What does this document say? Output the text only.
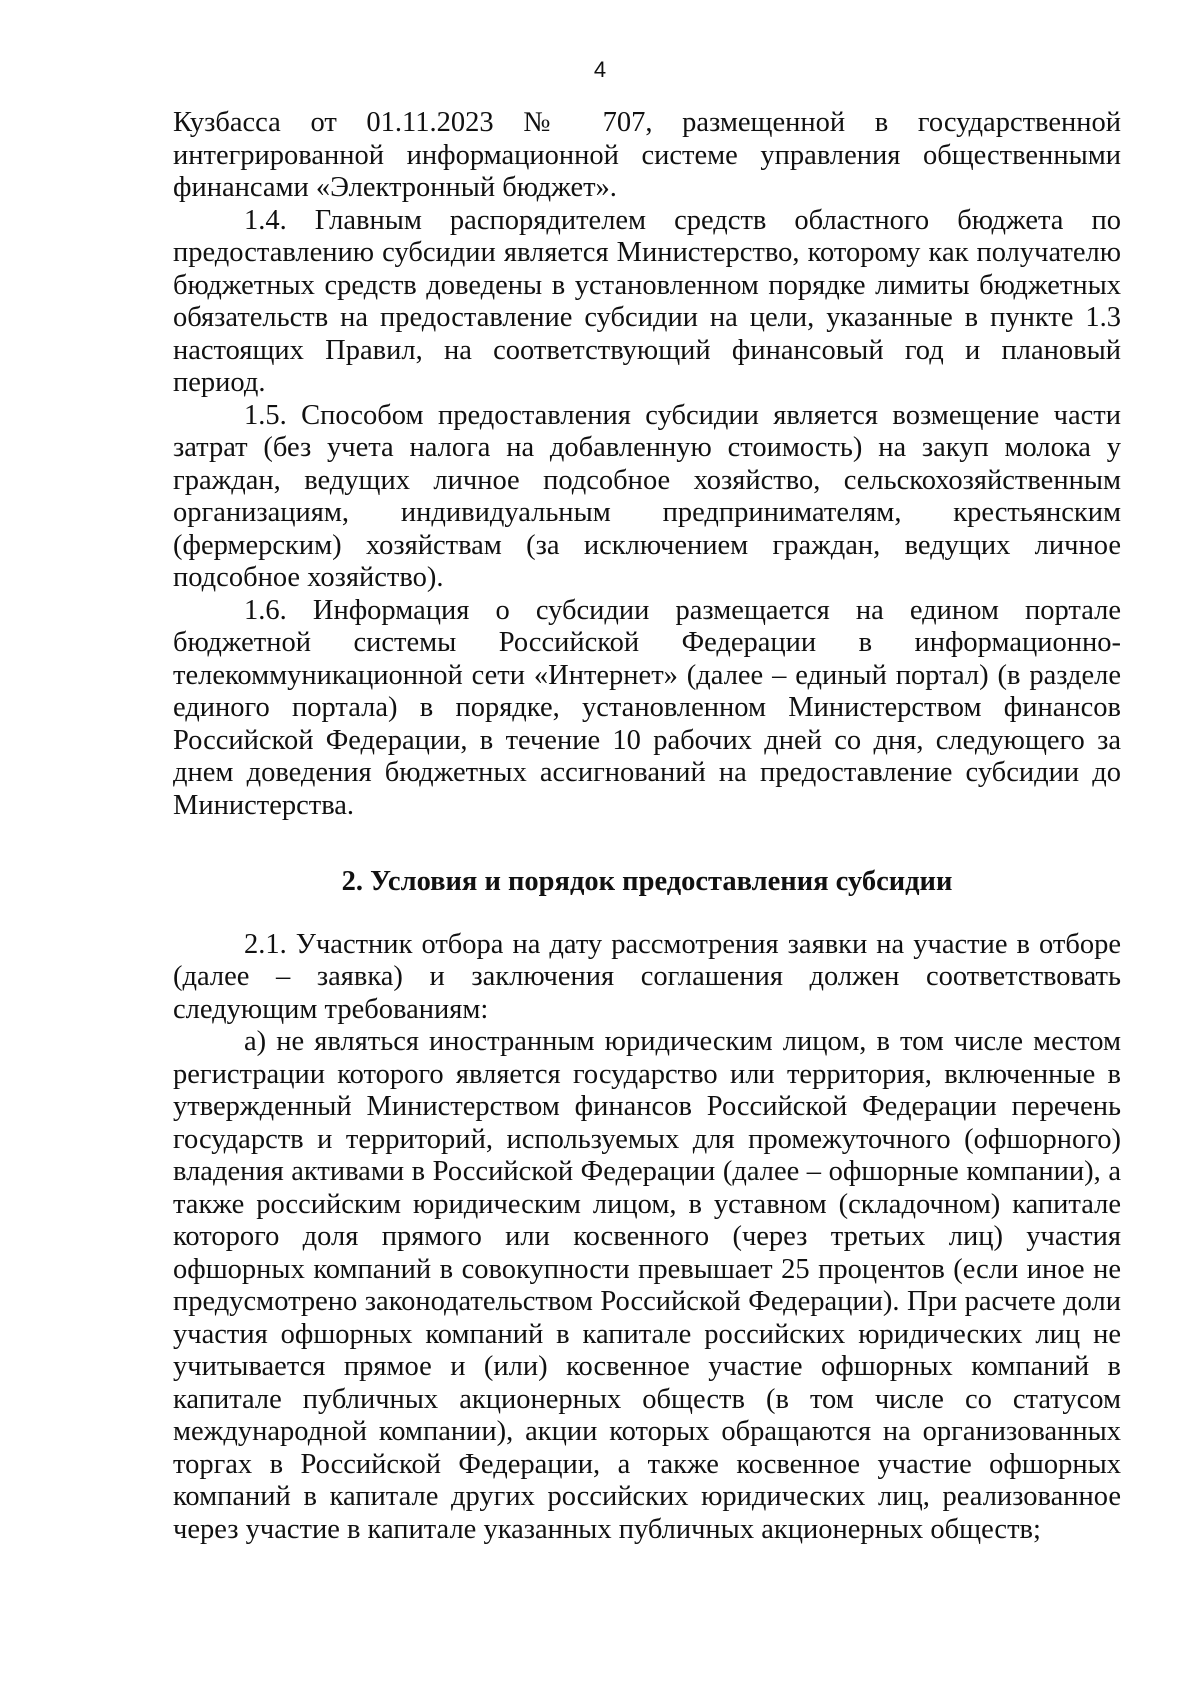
4

Кузбасса от 01.11.2023 № 707, размещенной в государственной интегрированной информационной системе управления общественными финансами «Электронный бюджет».

1.4. Главным распорядителем средств областного бюджета по предоставлению субсидии является Министерство, которому как получателю бюджетных средств доведены в установленном порядке лимиты бюджетных обязательств на предоставление субсидии на цели, указанные в пункте 1.3 настоящих Правил, на соответствующий финансовый год и плановый период.

1.5. Способом предоставления субсидии является возмещение части затрат (без учета налога на добавленную стоимость) на закуп молока у граждан, ведущих личное подсобное хозяйство, сельскохозяйственным организациям, индивидуальным предпринимателям, крестьянским (фермерским) хозяйствам (за исключением граждан, ведущих личное подсобное хозяйство).

1.6. Информация о субсидии размещается на едином портале бюджетной системы Российской Федерации в информационно-телекоммуникационной сети «Интернет» (далее – единый портал) (в разделе единого портала) в порядке, установленном Министерством финансов Российской Федерации, в течение 10 рабочих дней со дня, следующего за днем доведения бюджетных ассигнований на предоставление субсидии до Министерства.

2. Условия и порядок предоставления субсидии

2.1. Участник отбора на дату рассмотрения заявки на участие в отборе (далее – заявка) и заключения соглашения должен соответствовать следующим требованиям:

а) не являться иностранным юридическим лицом, в том числе местом регистрации которого является государство или территория, включенные в утвержденный Министерством финансов Российской Федерации перечень государств и территорий, используемых для промежуточного (офшорного) владения активами в Российской Федерации (далее – офшорные компании), а также российским юридическим лицом, в уставном (складочном) капитале которого доля прямого или косвенного (через третьих лиц) участия офшорных компаний в совокупности превышает 25 процентов (если иное не предусмотрено законодательством Российской Федерации). При расчете доли участия офшорных компаний в капитале российских юридических лиц не учитывается прямое и (или) косвенное участие офшорных компаний в капитале публичных акционерных обществ (в том числе со статусом международной компании), акции которых обращаются на организованных торгах в Российской Федерации, а также косвенное участие офшорных компаний в капитале других российских юридических лиц, реализованное через участие в капитале указанных публичных акционерных обществ;
